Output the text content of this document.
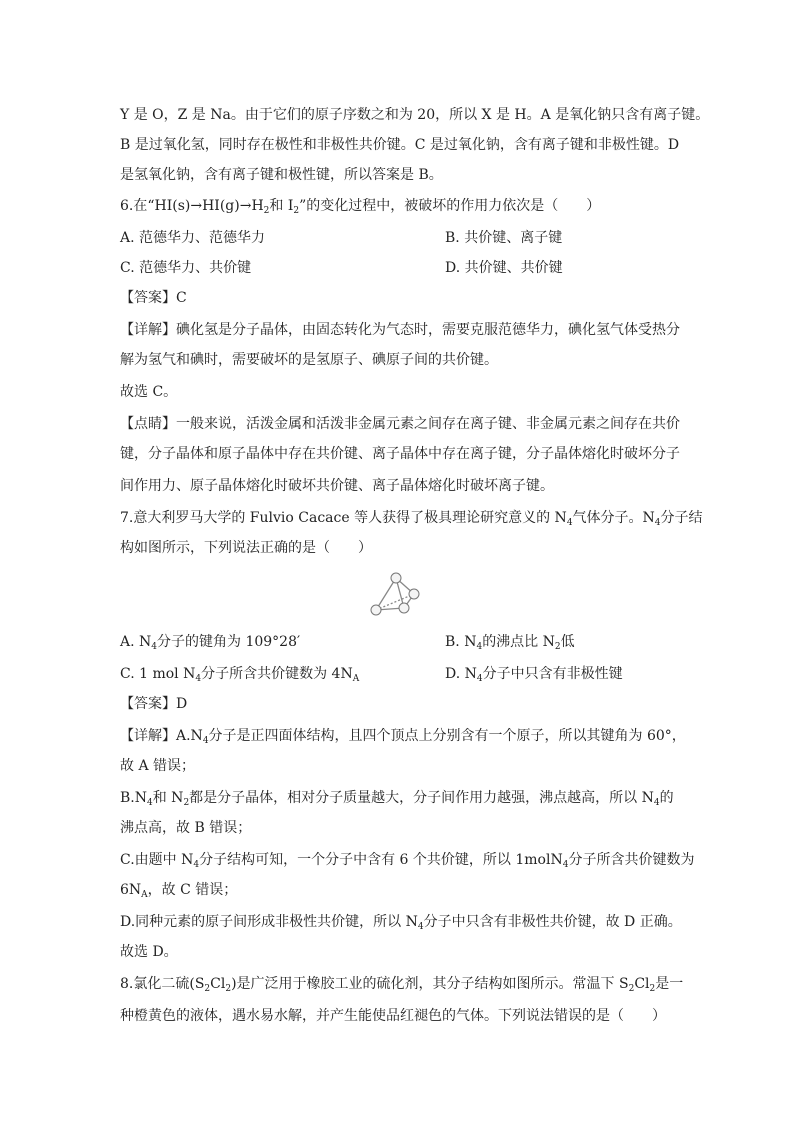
Y 是 O，Z 是 Na。由于它们的原子序数之和为 20，所以 X 是 H。A 是氧化钠只含有离子键。
B 是过氧化氢，同时存在极性和非极性共价键。C 是过氧化钠，含有离子键和非极性键。D
是氢氧化钠，含有离子键和极性键，所以答案是 B。
6.在“$HI(s)\to HI(g)\to H_2$和 $I_2$”的变化过程中，被破坏的作用力依次是（　　）
A. 范德华力、范德华力	B. 共价键、离子键
C. 范德华力、共价键	D. 共价键、共价键
【答案】C
【详解】碘化氢是分子晶体，由固态转化为气态时，需要克服范德华力，碘化氢气体受热分
解为氢气和碘时，需要破坏的是氢原子、碘原子间的共价键。
故选 C。
【点睛】一般来说，活泼金属和活泼非金属元素之间存在离子键、非金属元素之间存在共价
键，分子晶体和原子晶体中存在共价键、离子晶体中存在离子键，分子晶体熔化时破坏分子
间作用力、原子晶体熔化时破坏共价键、离子晶体熔化时破坏离子键。
7.意大利罗马大学的 Fulvio Cacace 等人获得了极具理论研究意义的 $N_4$气体分子。$N_4$分子结
构如图所示，下列说法正确的是（　　）
A. $N_4$分子的键角为 109°28′	B. $N_4$的沸点比 $N_2$低
C. 1 mol $N_4$分子所含共价键数为 $4N_A$	D. $N_4$分子中只含有非极性键
【答案】D
【详解】$A.N_4$分子是正四面体结构，且四个顶点上分别含有一个原子，所以其键角为 60°，
故 A 错误；
$B.N_4$和 $N_2$都是分子晶体，相对分子质量越大，分子间作用力越强，沸点越高，所以 $N_4$的
沸点高，故 B 错误；
C.由题中 $N_4$分子结构可知，一个分子中含有 6 个共价键，所以 1molN$_4$分子所含共价键数为
$6N_A$，故 C 错误；
D.同种元素的原子间形成非极性共价键，所以 $N_4$分子中只含有非极性共价键，故 D 正确。
故选 D。
8.氯化二硫$(S_2Cl_2)$是广泛用于橡胶工业的硫化剂，其分子结构如图所示。常温下 $S_2Cl_2$是一
种橙黄色的液体，遇水易水解，并产生能使品红褪色的气体。下列说法错误的是（　　）
